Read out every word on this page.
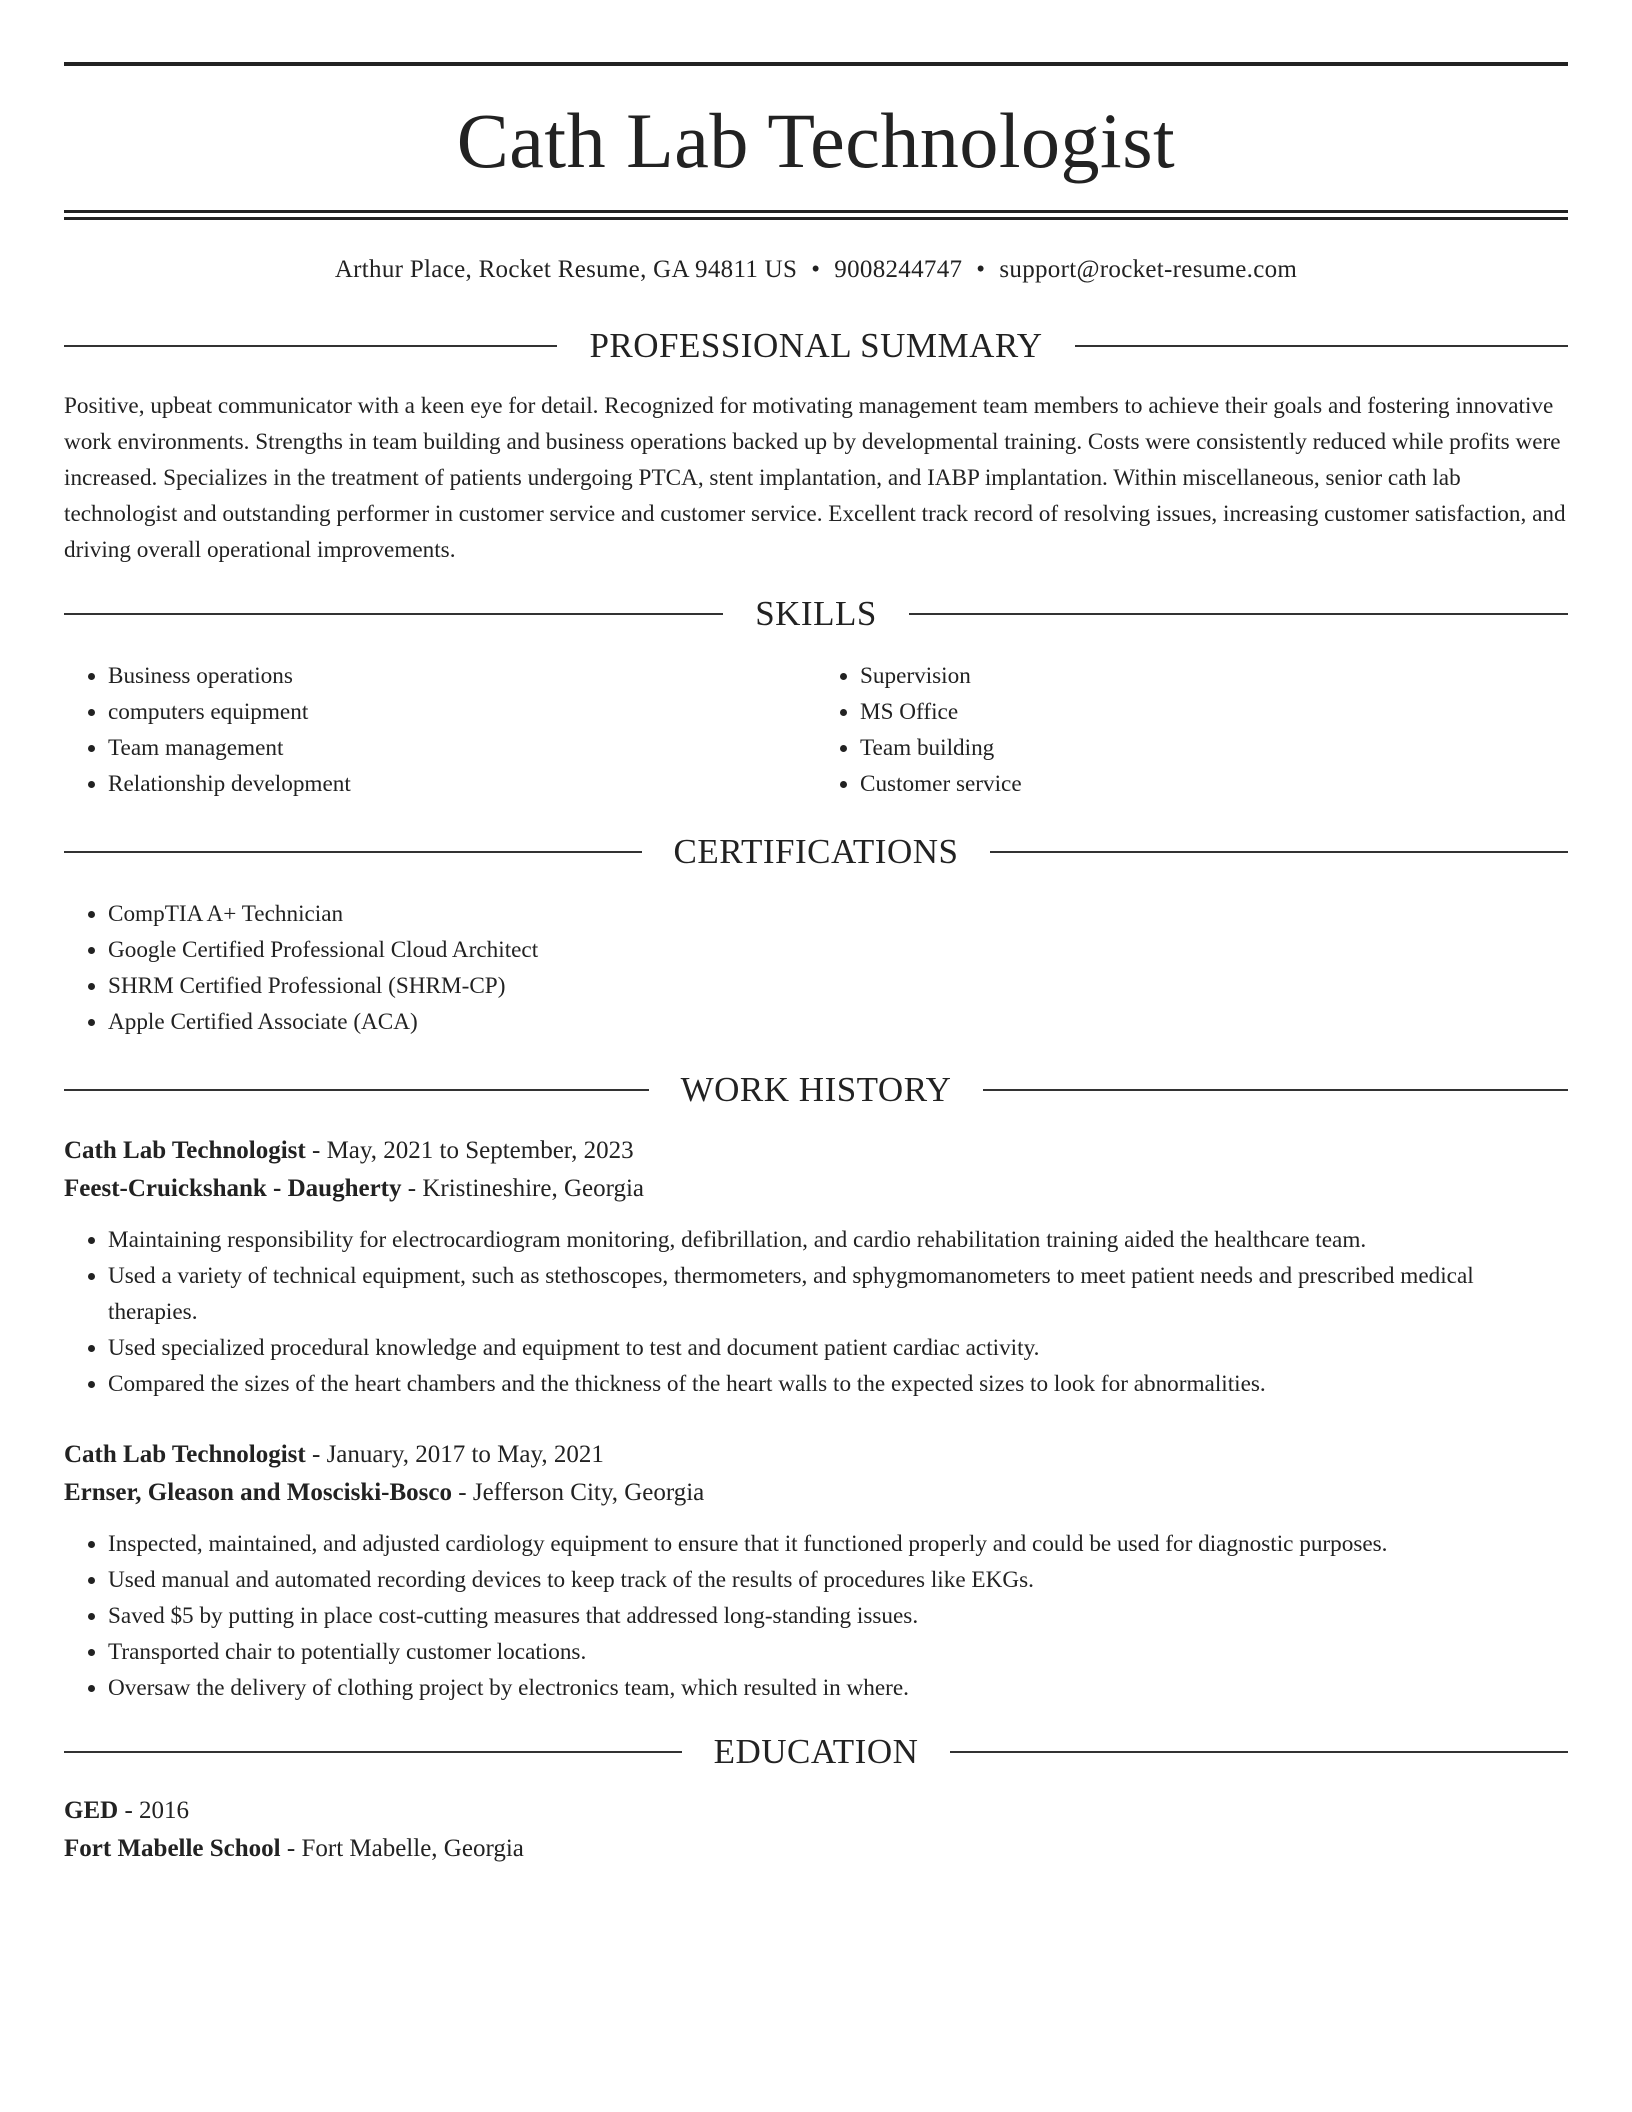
Cath Lab Technologist
Arthur Place, Rocket Resume, GA 94811 US • 9008244747 • support@rocket-resume.com
PROFESSIONAL SUMMARY
Positive, upbeat communicator with a keen eye for detail. Recognized for motivating management team members to achieve their goals and fostering innovative work environments. Strengths in team building and business operations backed up by developmental training. Costs were consistently reduced while profits were increased. Specializes in the treatment of patients undergoing PTCA, stent implantation, and IABP implantation. Within miscellaneous, senior cath lab technologist and outstanding performer in customer service and customer service. Excellent track record of resolving issues, increasing customer satisfaction, and driving overall operational improvements.
SKILLS
• Business operations
• computers equipment
• Team management
• Relationship development
• Supervision
• MS Office
• Team building
• Customer service
CERTIFICATIONS
• CompTIA A+ Technician
• Google Certified Professional Cloud Architect
• SHRM Certified Professional (SHRM-CP)
• Apple Certified Associate (ACA)
WORK HISTORY
Cath Lab Technologist - May, 2021 to September, 2023
Feest-Cruickshank - Daugherty - Kristineshire, Georgia
• Maintaining responsibility for electrocardiogram monitoring, defibrillation, and cardio rehabilitation training aided the healthcare team.
• Used a variety of technical equipment, such as stethoscopes, thermometers, and sphygmomanometers to meet patient needs and prescribed medical therapies.
• Used specialized procedural knowledge and equipment to test and document patient cardiac activity.
• Compared the sizes of the heart chambers and the thickness of the heart walls to the expected sizes to look for abnormalities.
Cath Lab Technologist - January, 2017 to May, 2021
Ernser, Gleason and Mosciski-Bosco - Jefferson City, Georgia
• Inspected, maintained, and adjusted cardiology equipment to ensure that it functioned properly and could be used for diagnostic purposes.
• Used manual and automated recording devices to keep track of the results of procedures like EKGs.
• Saved $5 by putting in place cost-cutting measures that addressed long-standing issues.
• Transported chair to potentially customer locations.
• Oversaw the delivery of clothing project by electronics team, which resulted in where.
EDUCATION
GED - 2016
Fort Mabelle School - Fort Mabelle, Georgia
